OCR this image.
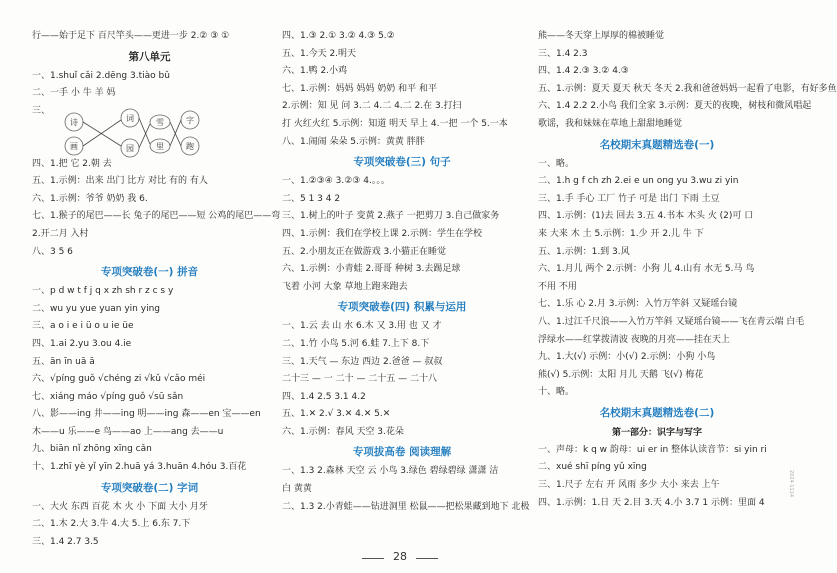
行——始于足下 百尺竿头——更进一步 2.② ③ ①
第八单元
一、1.shuǐ cǎi 2.dēng 3.tiào bǔ
二、一手 小 牛 羊 妈
三、
四、1.把 它 2.朝 去
五、1.示例：出来 出门 比方 对比 有的 有人
六、1.示例：爷爷 奶奶 我 6.
七、1.猴子的尾巴——长 兔子的尾巴——短 公鸡的尾巴——弯
2.开二月 入村
八、3 5 6
专项突破卷(一) 拼音
一、p d w t f j q x zh sh r z c s y
二、wu yu yue yuan yin ying
三、a o i e i ü o u ie üe
四、1.ai 2.yu 3.ou 4.ie
五、ān īn uā ā
六、√píng guǒ √chéng zi √kǔ √cǎo méi
七、xiáng máo √píng guǒ √sū sǎn
八、影——ing 井——ing 明——ing 森——en 宝——en
木——u 乐——e 鸟——ao 上——ang 去——u
九、biān nǐ zhōng xīng cǎn
十、1.zhī yè yǐ yīn 2.huā yá 3.huān 4.hóu 3.百花
专项突破卷(二) 字词
一、大火 东西 百花 木 火 小 下面 大小 月牙
二、1.木 2.大 3.牛 4.大 5.上 6.东 7.下
三、1.4 2.7 3.5
诗
画
词
园
字
跑
雪
里
四、1.③ 2.① 3.② 4.③ 5.②
五、1.今天 2.明天
六、1.鸭 2.小鸡
七、1.示例：妈妈 妈妈 奶奶 和平 和平
2.示例：知 见 问 3.二 4.二 4.二 2.在 3.打扫
打 火红火红 5.示例：知道 明天 早上 4.一把 一个 5.一本
八、1.闹闹 朵朵 5.示例：黄黄 胖胖
专项突破卷(三) 句子
一、1.②③④ 3.②③ 4.。。。
二、5 1 3 4 2
三、1.树上的叶子 变黄 2.燕子 一把剪刀 3.自己做家务
四、1.示例：我们在学校上课 2.示例：学生在学校
五、2.小朋友正在做游戏 3.小猫正在睡觉
六、1.示例：小青蛙 2.哥哥 种树 3.去踢足球
飞着 小河 大象 草地上跑来跑去
专项突破卷(四) 积累与运用
一、1.云 去 山 水 6.木 又 3.用 也 又 才
二、1.竹 小鸟 5.河 6.蛙 7.上下 8.下
三、1.天气 — 东边 西边 2.爸爸 — 叔叔
二十三 — 一 二十 — 二十五 — 二十八
四、1.4 2.5 3.1 4.2
五、1.✕ 2.√ 3.✕ 4.✕ 5.✕
六、1.示例：春风 天空 3.花朵
专项拔高卷 阅读理解
一、1.3 2.森林 天空 云 小鸟 3.绿色 碧绿碧绿 潇潇 洁
白 黄黄
二、1.3 2.小青蛙——钻进洞里 松鼠——把松果藏到地下 北极
熊——冬天穿上厚厚的棉被睡觉
三、1.4 2.3
四、1.4 2.③ 3.② 4.③
五、1.示例：夏天 夏天 秋天 冬天 2.我和爸爸妈妈一起看了电影，有好多鱼
六、1.4 2.2 2.小鸟 我们全家 3.示例：夏天的夜晚，树枝和微风唱起
歌谣，我和妹妹在草地上甜甜地睡觉
名校期末真题精选卷(一)
一、略。
二、1.h g f ch zh 2.ei e un ong yu 3.wu zi yin
三、1.手 手心 工厂 竹子 可是 出门 下雨 土豆
四、1.示例：(1)去 回去 3.五 4.书本 木头 火 (2)可 口
来 大来 木 土 5.示例：1.少 开 2.儿 牛 下
五、1.示例：1.到 3.风
六、1.月儿 两个 2.示例：小狗 儿 4.山有 水无 5.马 鸟
不用 不用
七、1.乐 心 2.月 3.示例：入竹万竿斜 又疑瑶台镜
八、1.过江千尺浪——入竹万竿斜 又疑瑶台镜——飞在青云端 白毛
浮绿水——红掌拨清波 夜晚的月亮——挂在天上
九、1.大(√) 示例：小(√) 2.示例：小狗 小鸟
熊(√) 5.示例：太阳 月儿 天鹅 飞(√) 梅花
十、略。
名校期末真题精选卷(二)
第一部分：识字与写字
一、声母：k q w 韵母：ui er in 整体认读音节：si yin ri
二、xué shī píng yǔ xīng
三、1.尺子 左右 开 风雨 多少 大小 来去 上午
四、1.示例：1.日 天 2.目 3.天 4.小 3.7 1 示例：里面 4
28
2024·1114
